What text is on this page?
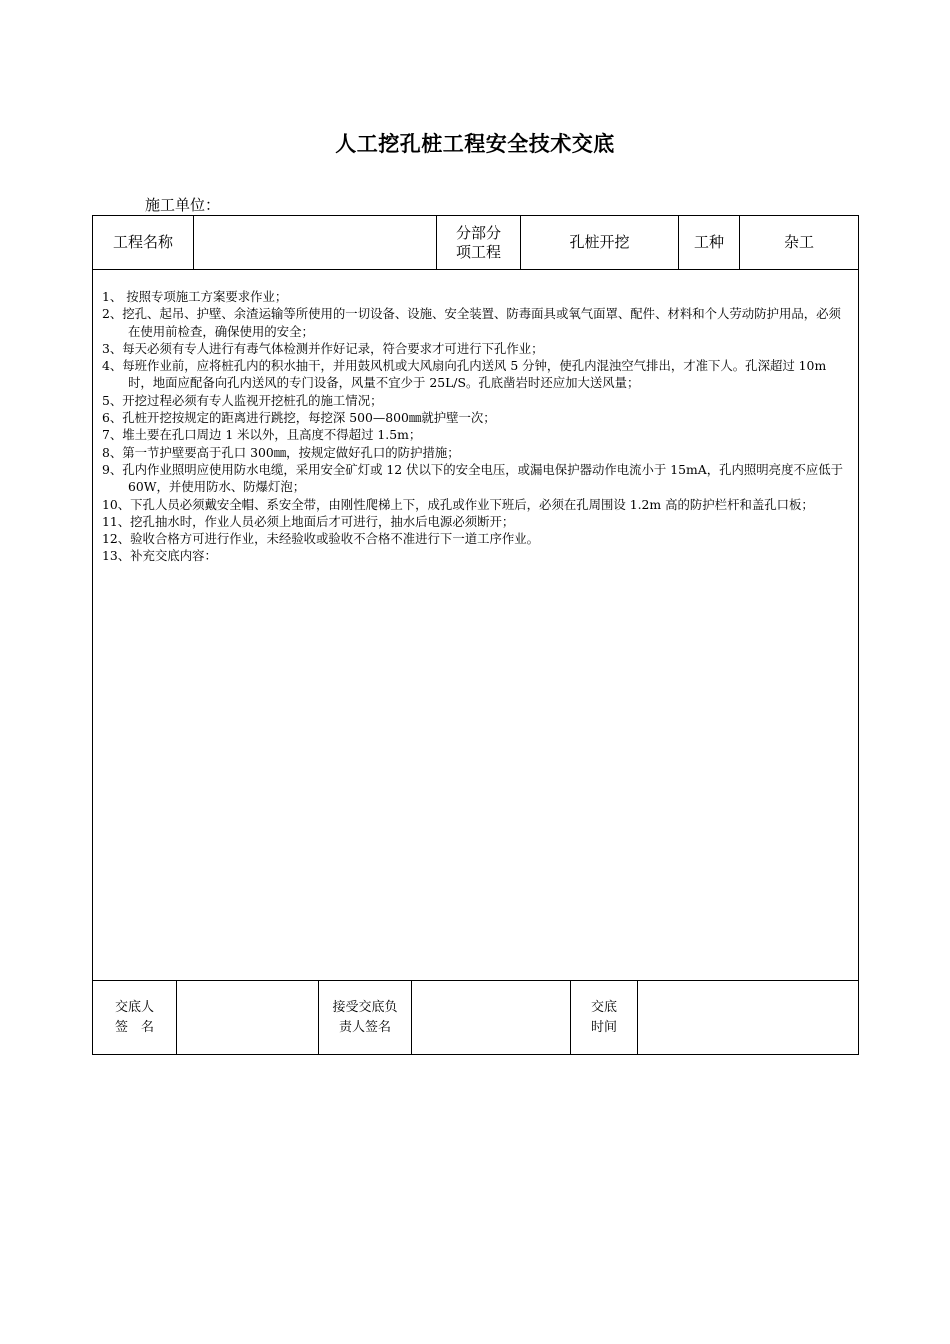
人工挖孔桩工程安全技术交底
施工单位：
工程名称
分部分
项工程
孔桩开挖	工种	杂工
1、 按照专项施工方案要求作业；
2、挖孔、起吊、护壁、余渣运输等所使用的一切设备、设施、安全装置、防毒面具或氧气面罩、配件、材料和个人劳动防护用品，必须在使用前检查，确保使用的安全；
3、每天必须有专人进行有毒气体检测并作好记录，符合要求才可进行下孔作业；
4、每班作业前，应将桩孔内的积水抽干，并用鼓风机或大风扇向孔内送风 5 分钟，使孔内混浊空气排出，才准下人。孔深超过 10m 时，地面应配备向孔内送风的专门设备，风量不宜少于 25L/S。孔底凿岩时还应加大送风量；
5、开挖过程必须有专人监视开挖桩孔的施工情况；
6、孔桩开挖按规定的距离进行跳挖，每挖深 500—800㎜就护壁一次；
7、堆土要在孔口周边 1 米以外，且高度不得超过 1.5m；
8、第一节护壁要高于孔口 300㎜，按规定做好孔口的防护措施；
9、孔内作业照明应使用防水电缆，采用安全矿灯或 12 伏以下的安全电压，或漏电保护器动作电流小于 15mA，孔内照明亮度不应低于 60W，并使用防水、防爆灯泡；
10、下孔人员必须戴安全帽、系安全带，由刚性爬梯上下，成孔或作业下班后，必须在孔周围设 1.2m 高的防护栏杆和盖孔口板；
11、挖孔抽水时，作业人员必须上地面后才可进行，抽水后电源必须断开；
12、验收合格方可进行作业，未经验收或验收不合格不准进行下一道工序作业。
13、补充交底内容：
交底人
签　名
接受交底负
责人签名
交底
时间
